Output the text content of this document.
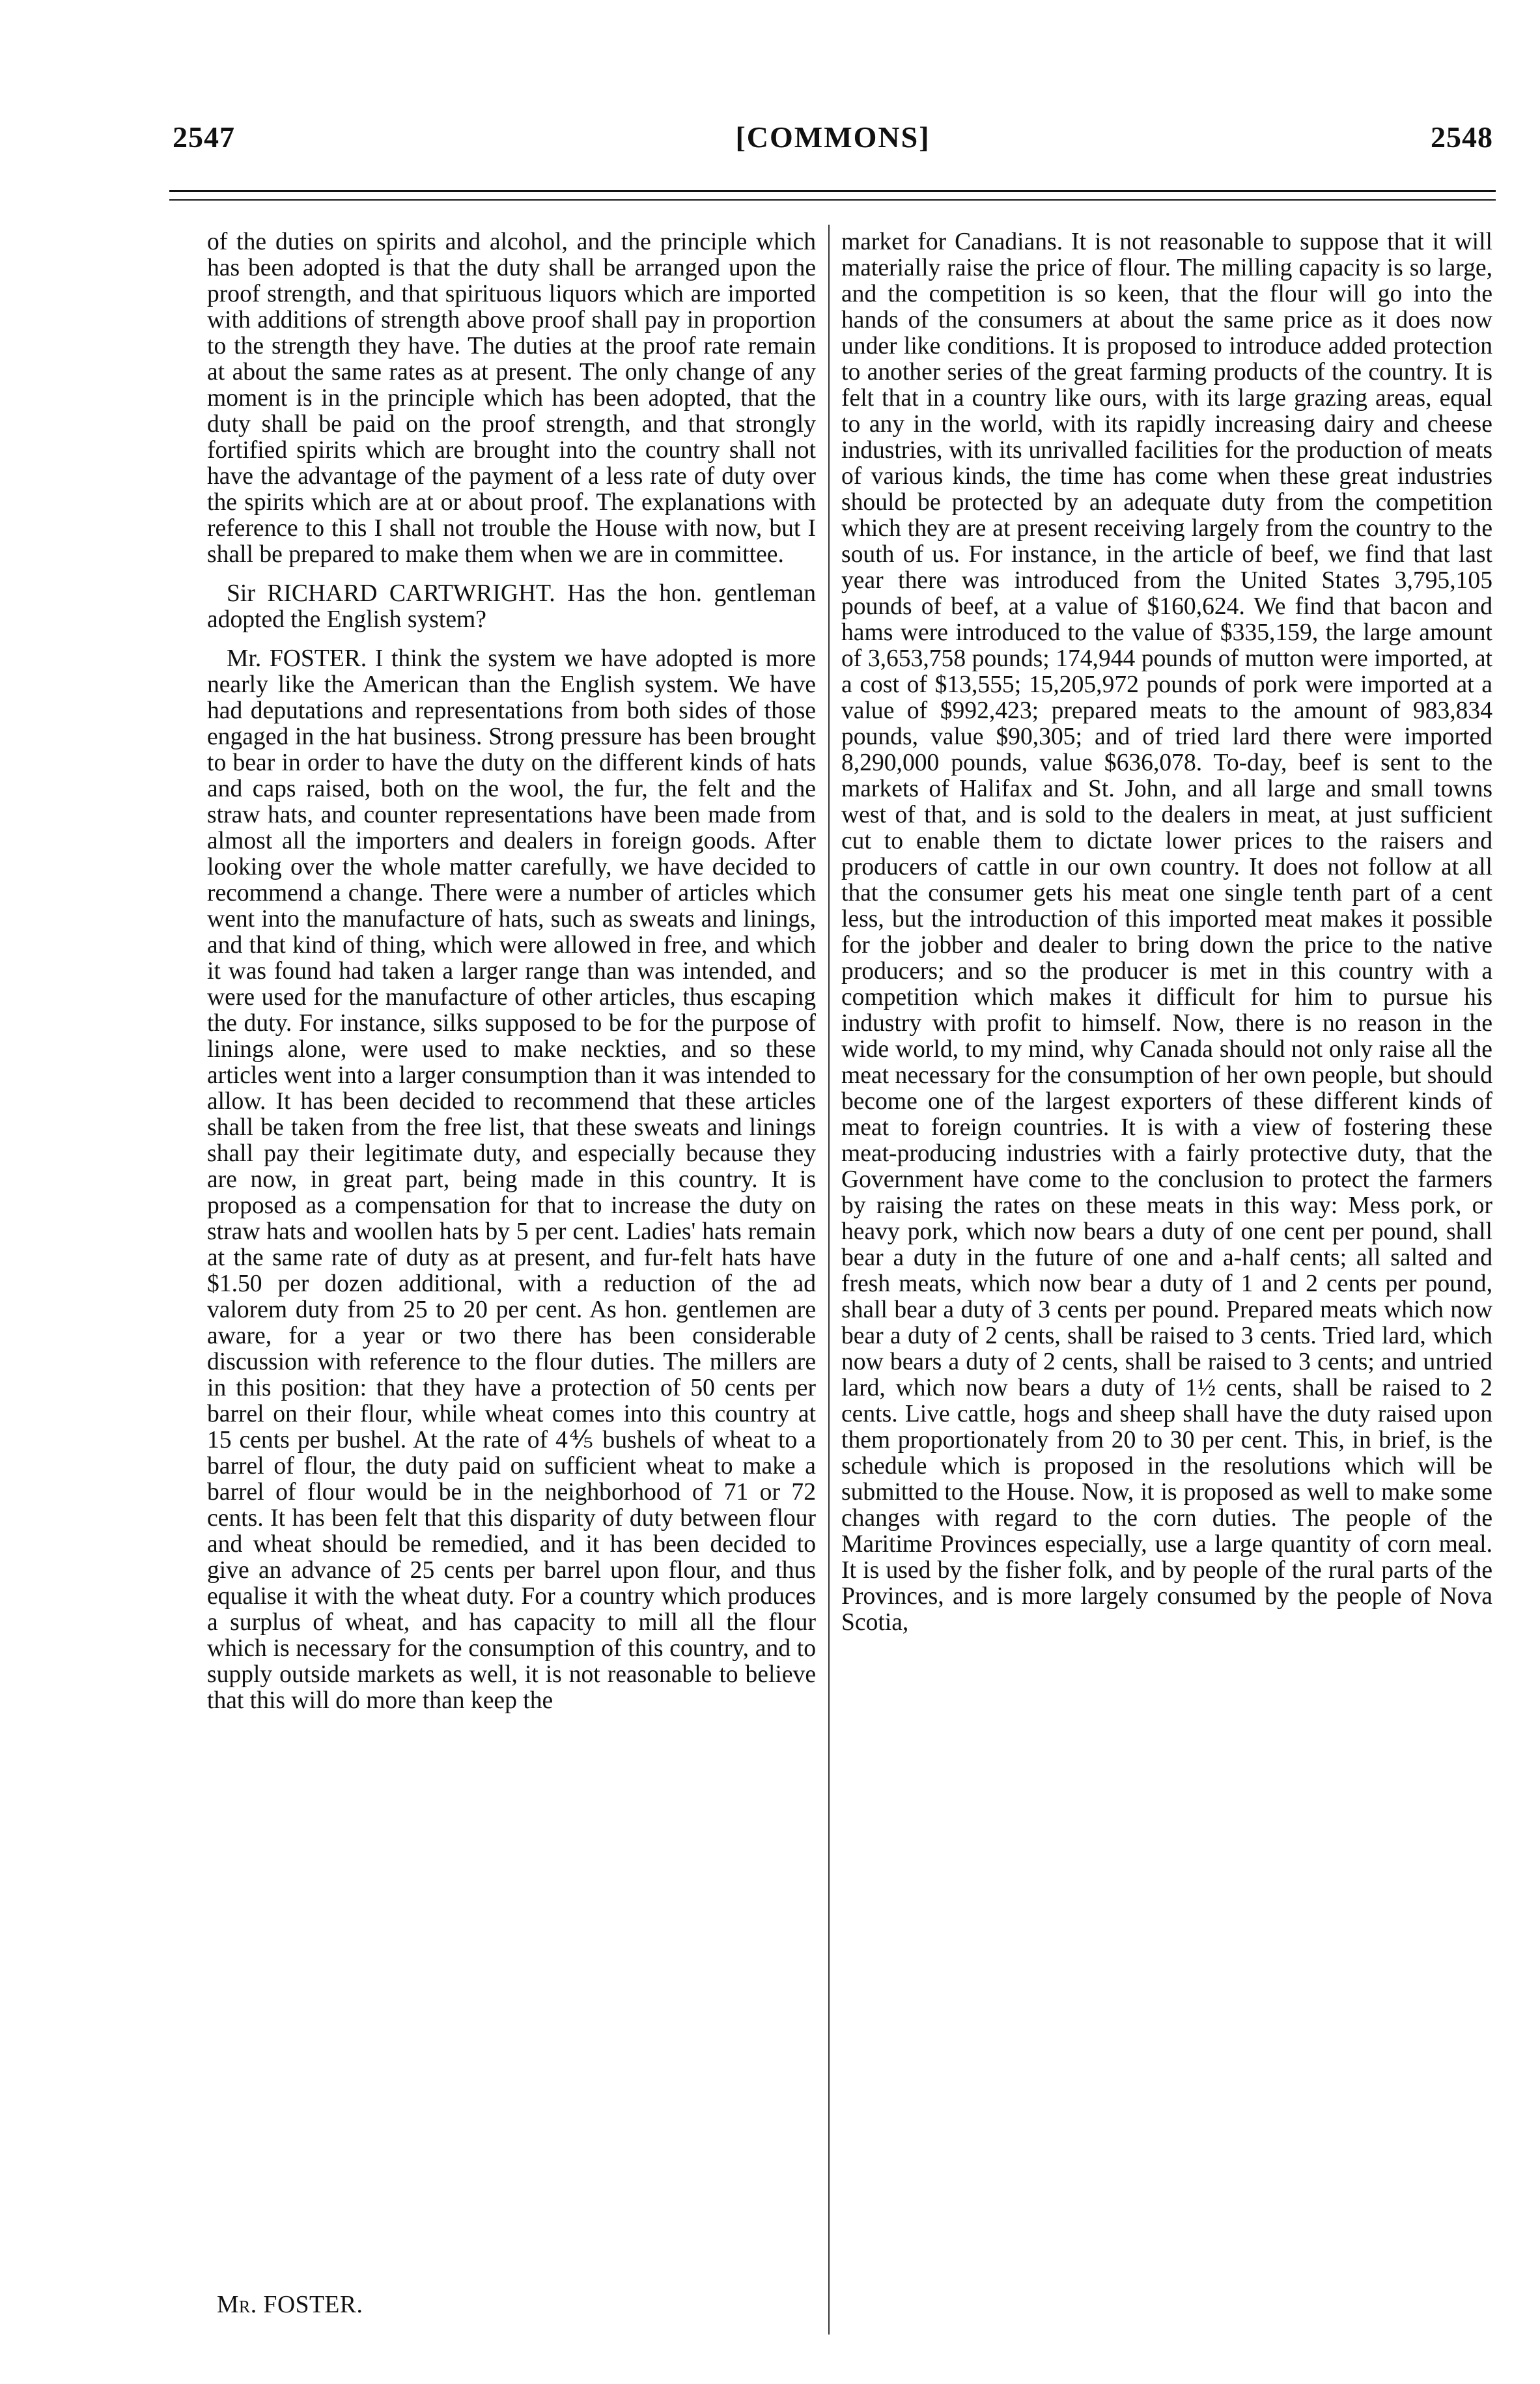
2547	[COMMONS]	2548

of the duties on spirits and alcohol, and the principle which has been adopted is that the duty shall be arranged upon the proof strength, and that spirituous liquors which are imported with additions of strength above proof shall pay in proportion to the strength they have. The duties at the proof rate remain at about the same rates as at present. The only change of any moment is in the principle which has been adopted, that the duty shall be paid on the proof strength, and that strongly fortified spirits which are brought into the country shall not have the advantage of the payment of a less rate of duty over the spirits which are at or about proof. The explanations with reference to this I shall not trouble the House with now, but I shall be prepared to make them when we are in committee.

Sir RICHARD CARTWRIGHT. Has the hon. gentleman adopted the English system?

Mr. FOSTER. I think the system we have adopted is more nearly like the American than the English system. We have had deputations and representations from both sides of those engaged in the hat business. Strong pressure has been brought to bear in order to have the duty on the different kinds of hats and caps raised, both on the wool, the fur, the felt and the straw hats, and counter representations have been made from almost all the importers and dealers in foreign goods. After looking over the whole matter carefully, we have decided to recommend a change. There were a number of articles which went into the manufacture of hats, such as sweats and linings, and that kind of thing, which were allowed in free, and which it was found had taken a larger range than was intended, and were used for the manufacture of other articles, thus escaping the duty. For instance, silks supposed to be for the purpose of linings alone, were used to make neckties, and so these articles went into a larger consumption than it was intended to allow. It has been decided to recommend that these articles shall be taken from the free list, that these sweats and linings shall pay their legitimate duty, and especially because they are now, in great part, being made in this country. It is proposed as a compensation for that to increase the duty on straw hats and woollen hats by 5 per cent. Ladies' hats remain at the same rate of duty as at present, and fur-felt hats have $1.50 per dozen additional, with a reduction of the ad valorem duty from 25 to 20 per cent. As hon. gentlemen are aware, for a year or two there has been considerable discussion with reference to the flour duties. The millers are in this position: that they have a protection of 50 cents per barrel on their flour, while wheat comes into this country at 15 cents per bushel. At the rate of 4⅘ bushels of wheat to a barrel of flour, the duty paid on sufficient wheat to make a barrel of flour would be in the neighborhood of 71 or 72 cents. It has been felt that this disparity of duty between flour and wheat should be remedied, and it has been decided to give an advance of 25 cents per barrel upon flour, and thus equalise it with the wheat duty. For a country which produces a surplus of wheat, and has capacity to mill all the flour which is necessary for the consumption of this country, and to supply outside markets as well, it is not reasonable to believe that this will do more than keep the

market for Canadians. It is not reasonable to suppose that it will materially raise the price of flour. The milling capacity is so large, and the competition is so keen, that the flour will go into the hands of the consumers at about the same price as it does now under like conditions. It is proposed to introduce added protection to another series of the great farming products of the country. It is felt that in a country like ours, with its large grazing areas, equal to any in the world, with its rapidly increasing dairy and cheese industries, with its unrivalled facilities for the production of meats of various kinds, the time has come when these great industries should be protected by an adequate duty from the competition which they are at present receiving largely from the country to the south of us. For instance, in the article of beef, we find that last year there was introduced from the United States 3,795,105 pounds of beef, at a value of $160,624. We find that bacon and hams were introduced to the value of $335,159, the large amount of 3,653,758 pounds; 174,944 pounds of mutton were imported, at a cost of $13,555; 15,205,972 pounds of pork were imported at a value of $992,423; prepared meats to the amount of 983,834 pounds, value $90,305; and of tried lard there were imported 8,290,000 pounds, value $636,078. To-day, beef is sent to the markets of Halifax and St. John, and all large and small towns west of that, and is sold to the dealers in meat, at just sufficient cut to enable them to dictate lower prices to the raisers and producers of cattle in our own country. It does not follow at all that the consumer gets his meat one single tenth part of a cent less, but the introduction of this imported meat makes it possible for the jobber and dealer to bring down the price to the native producers; and so the producer is met in this country with a competition which makes it difficult for him to pursue his industry with profit to himself. Now, there is no reason in the wide world, to my mind, why Canada should not only raise all the meat necessary for the consumption of her own people, but should become one of the largest exporters of these different kinds of meat to foreign countries. It is with a view of fostering these meat-producing industries with a fairly protective duty, that the Government have come to the conclusion to protect the farmers by raising the rates on these meats in this way: Mess pork, or heavy pork, which now bears a duty of one cent per pound, shall bear a duty in the future of one and a-half cents; all salted and fresh meats, which now bear a duty of 1 and 2 cents per pound, shall bear a duty of 3 cents per pound. Prepared meats which now bear a duty of 2 cents, shall be raised to 3 cents. Tried lard, which now bears a duty of 2 cents, shall be raised to 3 cents; and untried lard, which now bears a duty of 1½ cents, shall be raised to 2 cents. Live cattle, hogs and sheep shall have the duty raised upon them proportionately from 20 to 30 per cent. This, in brief, is the schedule which is proposed in the resolutions which will be submitted to the House. Now, it is proposed as well to make some changes with regard to the corn duties. The people of the Maritime Provinces especially, use a large quantity of corn meal. It is used by the fisher folk, and by people of the rural parts of the Provinces, and is more largely consumed by the people of Nova Scotia,

Mr. FOSTER.
